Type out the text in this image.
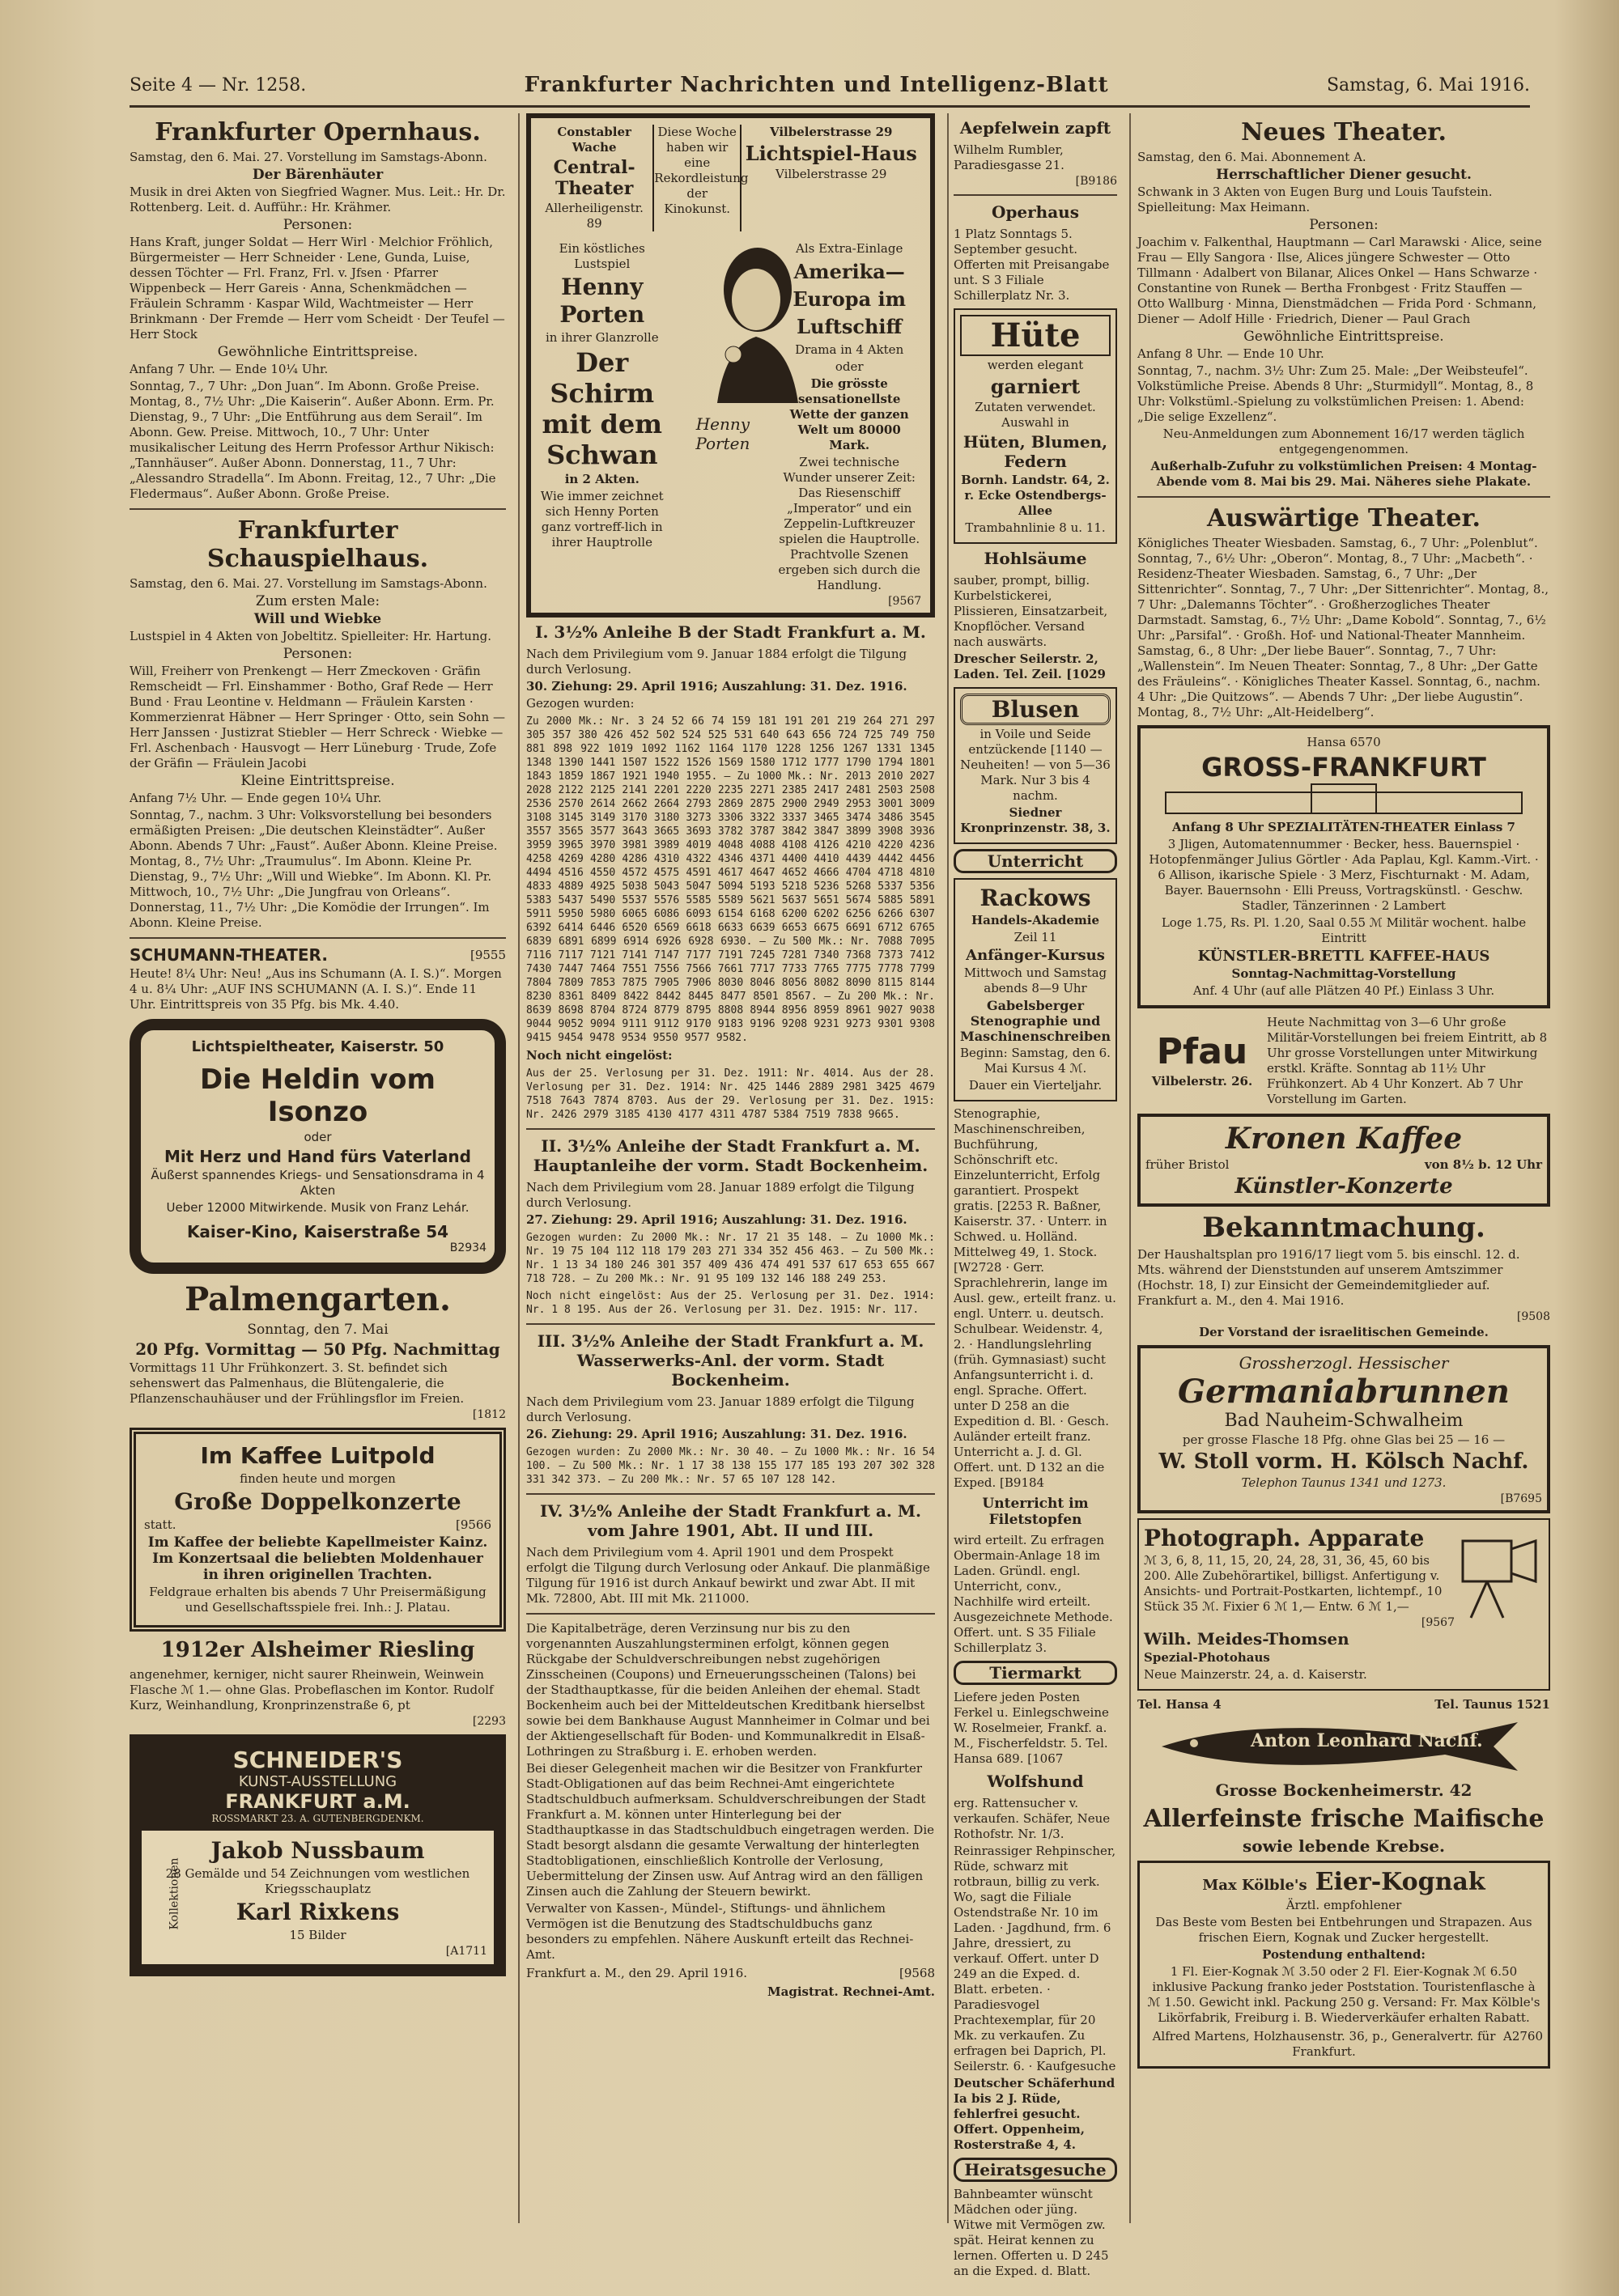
Seite 4 — Nr. 1258.	Frankfurter Nachrichten und Intelligenz-Blatt	Samstag, 6. Mai 1916.
Frankfurter Opernhaus.
Samstag, den 6. Mai. 27. Vorstellung im Samstags-Abonn.
Der Bärenhäuter
Musik in drei Akten von Siegfried Wagner. Mus. Leit.: Hr. Dr. Rottenberg. Leit. d. Aufführ.: Hr. Krähmer.
Personen:
Hans Kraft, junger Soldat — Herr Wirl · Melchior Fröhlich, Bürgermeister — Herr Schneider · Lene, Gunda, Luise, dessen Töchter — Frl. Franz, Frl. v. Jfsen · Pfarrer Wippenbeck — Herr Gareis · Anna, Schenkmädchen — Fräulein Schramm · Kaspar Wild, Wachtmeister — Herr Brinkmann · Der Fremde — Herr vom Scheidt · Der Teufel — Herr Stock
Gewöhnliche Eintrittspreise.
Anfang 7 Uhr. — Ende 10¼ Uhr.
Sonntag, 7., 7 Uhr: „Don Juan“. Im Abonn. Große Preise. Montag, 8., 7½ Uhr: „Die Kaiserin“. Außer Abonn. Erm. Pr. Dienstag, 9., 7 Uhr: „Die Entführung aus dem Serail“. Im Abonn. Gew. Preise. Mittwoch, 10., 7 Uhr: Unter musikalischer Leitung des Herrn Professor Arthur Nikisch: „Tannhäuser“. Außer Abonn. Donnerstag, 11., 7 Uhr: „Alessandro Stradella“. Im Abonn. Freitag, 12., 7 Uhr: „Die Fledermaus“. Außer Abonn. Große Preise.
Frankfurter Schauspielhaus.
Samstag, den 6. Mai. 27. Vorstellung im Samstags-Abonn.
Zum ersten Male:
Will und Wiebke
Lustspiel in 4 Akten von Jobeltitz. Spielleiter: Hr. Hartung.
Personen:
Will, Freiherr von Prenkengt — Herr Zmeckoven · Gräfin Remscheidt — Frl. Einshammer · Botho, Graf Rede — Herr Bund · Frau Leontine v. Heldmann — Fräulein Karsten · Kommerzienrat Häbner — Herr Springer · Otto, sein Sohn — Herr Janssen · Justizrat Stiebler — Herr Schreck · Wiebke — Frl. Aschenbach · Hausvogt — Herr Lüneburg · Trude, Zofe der Gräfin — Fräulein Jacobi
Kleine Eintrittspreise.
Anfang 7½ Uhr. — Ende gegen 10¼ Uhr.
Sonntag, 7., nachm. 3 Uhr: Volksvorstellung bei besonders ermäßigten Preisen: „Die deutschen Kleinstädter“. Außer Abonn. Abends 7 Uhr: „Faust“. Außer Abonn. Kleine Preise. Montag, 8., 7½ Uhr: „Traumulus“. Im Abonn. Kleine Pr. Dienstag, 9., 7½ Uhr: „Will und Wiebke“. Im Abonn. Kl. Pr. Mittwoch, 10., 7½ Uhr: „Die Jungfrau von Orleans“. Donnerstag, 11., 7½ Uhr: „Die Komödie der Irrungen“. Im Abonn. Kleine Preise.
SCHUMANN-THEATER.	[9555
Heute! 8¼ Uhr: Neu! „Aus ins Schumann (A. I. S.)“. Morgen 4 u. 8¼ Uhr: „AUF INS SCHUMANN (A. I. S.)“. Ende 11 Uhr. Eintrittspreis von 35 Pfg. bis Mk. 4.40.
Lichtspieltheater, Kaiserstr. 50
Die Heldin vom Isonzo
oder
Mit Herz und Hand fürs Vaterland
Äußerst spannendes Kriegs- und Sensationsdrama in 4 Akten
Ueber 12000 Mitwirkende. Musik von Franz Lehár.
Kaiser-Kino, Kaiserstraße 54
B2934
Palmengarten.
Sonntag, den 7. Mai
20 Pfg. Vormittag — 50 Pfg. Nachmittag
Vormittags 11 Uhr Frühkonzert. 3. St. befindet sich sehenswert das Palmenhaus, die Blütengalerie, die Pflanzenschauhäuser und der Frühlingsflor im Freien.
[1812
Im Kaffee Luitpold
finden heute und morgen
Große Doppelkonzerte
statt.	[9566
Im Kaffee der beliebte Kapellmeister Kainz. Im Konzertsaal die beliebten Moldenhauer in ihren originellen Trachten.
Feldgraue erhalten bis abends 7 Uhr Preisermäßigung und Gesellschaftsspiele frei. Inh.: J. Platau.
1912er Alsheimer Riesling
angenehmer, kerniger, nicht saurer Rheinwein, Weinwein Flasche ℳ 1.— ohne Glas. Probeflaschen im Kontor. Rudolf Kurz, Weinhandlung, Kronprinzenstraße 6, pt
[2293
SCHNEIDER'S
KUNST-AUSSTELLUNG
FRANKFURT a.M.
ROSSMARKT 23. A. GUTENBERGDENKM.
Kollektionen
Jakob Nussbaum
28 Gemälde und 54 Zeichnungen vom westlichen Kriegsschauplatz
Karl Rixkens
15 Bilder
[A1711
Constabler Wache
Central-Theater
Allerheiligenstr. 89
Diese Woche haben wir eine Rekordleistung der Kinokunst.
Vilbelerstrasse 29
Lichtspiel-Haus
Vilbelerstrasse 29
Ein köstliches Lustspiel
Henny Porten
in ihrer Glanzrolle
Der Schirm mit dem Schwan
in 2 Akten.
Wie immer zeichnet sich Henny Porten ganz vortreff-lich in ihrer Hauptrolle
Henny Porten
Als Extra-Einlage
Amerika—Europa im Luftschiff
Drama in 4 Akten
oder
Die grösste sensationellste Wette der ganzen Welt um 80000 Mark.
Zwei technische Wunder unserer Zeit: Das Riesenschiff „Imperator“ und ein Zeppelin-Luftkreuzer spielen die Hauptrolle. Prachtvolle Szenen ergeben sich durch die Handlung.
[9567
I. 3½% Anleihe B der Stadt Frankfurt a. M.
Nach dem Privilegium vom 9. Januar 1884 erfolgt die Tilgung durch Verlosung.
30. Ziehung: 29. April 1916; Auszahlung: 31. Dez. 1916.
Gezogen wurden:
Zu 2000 Mk.: Nr. 3 24 52 66 74 159 181 191 201 219 264 271 297 305 357 380 426 452 502 524 525 531 640 643 656 724 725 749 750 881 898 922 1019 1092 1162 1164 1170 1228 1256 1267 1331 1345 1348 1390 1441 1507 1522 1526 1569 1580 1712 1777 1790 1794 1801 1843 1859 1867 1921 1940 1955. — Zu 1000 Mk.: Nr. 2013 2010 2027 2028 2122 2125 2141 2201 2220 2235 2271 2385 2417 2481 2503 2508 2536 2570 2614 2662 2664 2793 2869 2875 2900 2949 2953 3001 3009 3108 3145 3149 3170 3180 3273 3306 3322 3337 3465 3474 3486 3545 3557 3565 3577 3643 3665 3693 3782 3787 3842 3847 3899 3908 3936 3959 3965 3970 3981 3989 4019 4048 4088 4108 4126 4210 4220 4236 4258 4269 4280 4286 4310 4322 4346 4371 4400 4410 4439 4442 4456 4494 4516 4550 4572 4575 4591 4617 4647 4652 4666 4704 4718 4810 4833 4889 4925 5038 5043 5047 5094 5193 5218 5236 5268 5337 5356 5383 5437 5490 5537 5576 5585 5589 5621 5637 5651 5674 5885 5891 5911 5950 5980 6065 6086 6093 6154 6168 6200 6202 6256 6266 6307 6392 6414 6446 6520 6569 6618 6633 6639 6653 6675 6691 6712 6765 6839 6891 6899 6914 6926 6928 6930. — Zu 500 Mk.: Nr. 7088 7095 7116 7117 7121 7141 7147 7177 7191 7245 7281 7340 7368 7373 7412 7430 7447 7464 7551 7556 7566 7661 7717 7733 7765 7775 7778 7799 7804 7809 7853 7875 7905 7906 8030 8046 8056 8082 8090 8115 8144 8230 8361 8409 8422 8442 8445 8477 8501 8567. — Zu 200 Mk.: Nr. 8639 8698 8704 8724 8779 8795 8808 8944 8956 8959 8961 9027 9038 9044 9052 9094 9111 9112 9170 9183 9196 9208 9231 9273 9301 9308 9415 9454 9478 9534 9550 9577 9582.
Noch nicht eingelöst:
Aus der 25. Verlosung per 31. Dez. 1911: Nr. 4014. Aus der 28. Verlosung per 31. Dez. 1914: Nr. 425 1446 2889 2981 3425 4679 7518 7643 7874 8703. Aus der 29. Verlosung per 31. Dez. 1915: Nr. 2426 2979 3185 4130 4177 4311 4787 5384 7519 7838 9665.
II. 3½% Anleihe der Stadt Frankfurt a. M. Hauptanleihe der vorm. Stadt Bockenheim.
Nach dem Privilegium vom 28. Januar 1889 erfolgt die Tilgung durch Verlosung.
27. Ziehung: 29. April 1916; Auszahlung: 31. Dez. 1916.
Gezogen wurden: Zu 2000 Mk.: Nr. 17 21 35 148. — Zu 1000 Mk.: Nr. 19 75 104 112 118 179 203 271 334 352 456 463. — Zu 500 Mk.: Nr. 1 13 34 180 246 301 357 409 436 474 491 537 617 653 655 667 718 728. — Zu 200 Mk.: Nr. 91 95 109 132 146 188 249 253.
Noch nicht eingelöst: Aus der 25. Verlosung per 31. Dez. 1914: Nr. 1 8 195. Aus der 26. Verlosung per 31. Dez. 1915: Nr. 117.
III. 3½% Anleihe der Stadt Frankfurt a. M. Wasserwerks-Anl. der vorm. Stadt Bockenheim.
Nach dem Privilegium vom 23. Januar 1889 erfolgt die Tilgung durch Verlosung.
26. Ziehung: 29. April 1916; Auszahlung: 31. Dez. 1916.
Gezogen wurden: Zu 2000 Mk.: Nr. 30 40. — Zu 1000 Mk.: Nr. 16 54 100. — Zu 500 Mk.: Nr. 1 17 38 138 155 177 185 193 207 302 328 331 342 373. — Zu 200 Mk.: Nr. 57 65 107 128 142.
IV. 3½% Anleihe der Stadt Frankfurt a. M. vom Jahre 1901, Abt. II und III.
Nach dem Privilegium vom 4. April 1901 und dem Prospekt erfolgt die Tilgung durch Verlosung oder Ankauf. Die planmäßige Tilgung für 1916 ist durch Ankauf bewirkt und zwar Abt. II mit Mk. 72800, Abt. III mit Mk. 211000.
Die Kapitalbeträge, deren Verzinsung nur bis zu den vorgenannten Auszahlungsterminen erfolgt, können gegen Rückgabe der Schuldverschreibungen nebst zugehörigen Zinsscheinen (Coupons) und Erneuerungsscheinen (Talons) bei der Stadthauptkasse, für die beiden Anleihen der ehemal. Stadt Bockenheim auch bei der Mitteldeutschen Kreditbank hierselbst sowie bei dem Bankhause August Mannheimer in Colmar und bei der Aktiengesellschaft für Boden- und Kommunalkredit in Elsaß-Lothringen zu Straßburg i. E. erhoben werden.
Bei dieser Gelegenheit machen wir die Besitzer von Frankfurter Stadt-Obligationen auf das beim Rechnei-Amt eingerichtete Stadtschuldbuch aufmerksam. Schuldverschreibungen der Stadt Frankfurt a. M. können unter Hinterlegung bei der Stadthauptkasse in das Stadtschuldbuch eingetragen werden. Die Stadt besorgt alsdann die gesamte Verwaltung der hinterlegten Stadtobligationen, einschließlich Kontrolle der Verlosung, Uebermittelung der Zinsen usw. Auf Antrag wird an den fälligen Zinsen auch die Zahlung der Steuern bewirkt.
Verwalter von Kassen-, Mündel-, Stiftungs- und ähnlichem Vermögen ist die Benutzung des Stadtschuldbuchs ganz besonders zu empfehlen. Nähere Auskunft erteilt das Rechnei-Amt.
Frankfurt a. M., den 29. April 1916.	[9568
Magistrat. Rechnei-Amt.
Aepfelwein zapft
Wilhelm Rumbler, Paradiesgasse 21.
[B9186
Operhaus
1 Platz Sonntags 5. September gesucht. Offerten mit Preisangabe unt. S 3 Filiale Schillerplatz Nr. 3.
Hüte
werden elegant
garniert
Zutaten verwendet. Auswahl in
Hüten, Blumen, Federn
Bornh. Landstr. 64, 2. r. Ecke Ostendbergs-Allee
Trambahnlinie 8 u. 11.
Hohlsäume
sauber, prompt, billig. Kurbelstickerei, Plissieren, Einsatzarbeit, Knopflöcher. Versand nach auswärts.
Drescher Seilerstr. 2, Laden. Tel. Zeil. [1029
Blusen
in Voile und Seide entzückende [1140 — Neuheiten! — von 5—36 Mark. Nur 3 bis 4 nachm.
Siedner Kronprinzenstr. 38, 3.
Unterricht
Rackows
Handels-Akademie
Zeil 11
Anfänger-Kursus
Mittwoch und Samstag abends 8—9 Uhr
Gabelsberger Stenographie und Maschinenschreiben
Beginn: Samstag, den 6. Mai Kursus 4 ℳ.
Dauer ein Vierteljahr.
Stenographie, Maschinenschreiben, Buchführung, Schönschrift etc. Einzelunterricht, Erfolg garantiert. Prospekt gratis. [2253 R. Baßner, Kaiserstr. 37. · Unterr. in Schwed. u. Holländ. Mittelweg 49, 1. Stock. [W2728 · Gerr. Sprachlehrerin, lange im Ausl. gew., erteilt franz. u. engl. Unterr. u. deutsch. Schulbear. Weidenstr. 4, 2. · Handlungslehrling (früh. Gymnasiast) sucht Anfangsunterricht i. d. engl. Sprache. Offert. unter D 258 an die Expedition d. Bl. · Gesch. Auländer erteilt franz. Unterricht a. J. d. Gl. Offert. unt. D 132 an die Exped. [B9184
Unterricht im Filetstopfen
wird erteilt. Zu erfragen Obermain-Anlage 18 im Laden. Gründl. engl. Unterricht, conv., Nachhilfe wird erteilt. Ausgezeichnete Methode. Offert. unt. S 35 Filiale Schillerplatz 3.
Tiermarkt
Liefere jeden Posten Ferkel u. Einlegschweine W. Roselmeier, Frankf. a. M., Fischerfeldstr. 5. Tel. Hansa 689. [1067
Wolfshund
erg. Rattensucher v. verkaufen. Schäfer, Neue Rothofstr. Nr. 1/3.
Reinrassiger Rehpinscher, Rüde, schwarz mit rotbraun, billig zu verk. Wo, sagt die Filiale Ostendstraße Nr. 10 im Laden. · Jagdhund, frm. 6 Jahre, dressiert, zu verkauf. Offert. unter D 249 an die Exped. d. Blatt. erbeten. · Paradiesvogel Prachtexemplar, für 20 Mk. zu verkaufen. Zu erfragen bei Daprich, Pl. Seilerstr. 6. · Kaufgesuche
Deutscher Schäferhund Ia bis 2 J. Rüde, fehlerfrei gesucht. Offert. Oppenheim, Rosterstraße 4, 4.
Heiratsgesuche
Bahnbeamter wünscht Mädchen oder jüng. Witwe mit Vermögen zw. spät. Heirat kennen zu lernen. Offerten u. D 245 an die Exped. d. Blatt.
Neues Theater.
Samstag, den 6. Mai. Abonnement A.
Herrschaftlicher Diener gesucht.
Schwank in 3 Akten von Eugen Burg und Louis Taufstein. Spielleitung: Max Heimann.
Personen:
Joachim v. Falkenthal, Hauptmann — Carl Marawski · Alice, seine Frau — Elly Sangora · Ilse, Alices jüngere Schwester — Otto Tillmann · Adalbert von Bilanar, Alices Onkel — Hans Schwarze · Constantine von Runek — Bertha Fronbgest · Fritz Stauffen — Otto Wallburg · Minna, Dienstmädchen — Frida Pord · Schmann, Diener — Adolf Hille · Friedrich, Diener — Paul Grach
Gewöhnliche Eintrittspreise.
Anfang 8 Uhr. — Ende 10 Uhr.
Sonntag, 7., nachm. 3½ Uhr: Zum 25. Male: „Der Weibsteufel“. Volkstümliche Preise. Abends 8 Uhr: „Sturmidyll“. Montag, 8., 8 Uhr: Volkstüml.-Spielung zu volkstümlichen Preisen: 1. Abend: „Die selige Exzellenz“.
Neu-Anmeldungen zum Abonnement 16/17 werden täglich entgegengenommen.
Außerhalb-Zufuhr zu volkstümlichen Preisen: 4 Montag-Abende vom 8. Mai bis 29. Mai. Näheres siehe Plakate.
Auswärtige Theater.
Königliches Theater Wiesbaden. Samstag, 6., 7 Uhr: „Polenblut“. Sonntag, 7., 6½ Uhr: „Oberon“. Montag, 8., 7 Uhr: „Macbeth“. · Residenz-Theater Wiesbaden. Samstag, 6., 7 Uhr: „Der Sittenrichter“. Sonntag, 7., 7 Uhr: „Der Sittenrichter“. Montag, 8., 7 Uhr: „Dalemanns Töchter“. · Großherzogliches Theater Darmstadt. Samstag, 6., 7½ Uhr: „Dame Kobold“. Sonntag, 7., 6½ Uhr: „Parsifal“. · Großh. Hof- und National-Theater Mannheim. Samstag, 6., 8 Uhr: „Der liebe Bauer“. Sonntag, 7., 7 Uhr: „Wallenstein“. Im Neuen Theater: Sonntag, 7., 8 Uhr: „Der Gatte des Fräuleins“. · Königliches Theater Kassel. Sonntag, 6., nachm. 4 Uhr: „Die Quitzows“. — Abends 7 Uhr: „Der liebe Augustin“. Montag, 8., 7½ Uhr: „Alt-Heidelberg“.
Hansa 6570
GROSS-FRANKFURT
Anfang 8 Uhr SPEZIALITÄTEN-THEATER Einlass 7
3 Jligen, Automatennummer · Becker, hess. Bauernspiel · Hotopfenmänger Julius Görtler · Ada Paplau, Kgl. Kamm.-Virt. · 6 Allison, ikarische Spiele · 3 Merz, Fischturnakt · M. Adam, Bayer. Bauernsohn · Elli Preuss, Vortragskünstl. · Geschw. Stadler, Tänzerinnen · 2 Lambert
Loge 1.75, Rs. Pl. 1.20, Saal 0.55 ℳ Militär wochent. halbe Eintritt
KÜNSTLER-BRETTL KAFFEE-HAUS
Sonntag-Nachmittag-Vorstellung
Anf. 4 Uhr (auf alle Plätzen 40 Pf.) Einlass 3 Uhr.
Pfau
Vilbelerstr. 26.
Heute Nachmittag von 3—6 Uhr große Militär-Vorstellungen bei freiem Eintritt, ab 8 Uhr grosse Vorstellungen unter Mitwirkung erstkl. Kräfte. Sonntag ab 11½ Uhr Frühkonzert. Ab 4 Uhr Konzert. Ab 7 Uhr Vorstellung im Garten.
Kronen Kaffee
früher Bristol	von 8½ b. 12 Uhr
Künstler-Konzerte
Bekanntmachung.
Der Haushaltsplan pro 1916/17 liegt vom 5. bis einschl. 12. d. Mts. während der Dienststunden auf unserem Amtszimmer (Hochstr. 18, I) zur Einsicht der Gemeindemitglieder auf. Frankfurt a. M., den 4. Mai 1916.
[9508
Der Vorstand der israelitischen Gemeinde.
Grossherzogl. Hessischer
Germaniabrunnen
Bad Nauheim-Schwalheim
per grosse Flasche 18 Pfg. ohne Glas bei 25 — 16 —
W. Stoll vorm. H. Kölsch Nachf.
Telephon Taunus 1341 und 1273.
[B7695
Photograph. Apparate
ℳ 3, 6, 8, 11, 15, 20, 24, 28, 31, 36, 45, 60 bis 200. Alle Zubehörartikel, billigst. Anfertigung v. Ansichts- und Portrait-Postkarten, lichtempf., 10 Stück 35 ℳ. Fixier 6 ℳ 1,— Entw. 6 ℳ 1,—
[9567
Wilh. Meides-Thomsen
Spezial-Photohaus
Neue Mainzerstr. 24, a. d. Kaiserstr.
Tel. Hansa 4	Tel. Taunus 1521
Anton Leonhard Nachf.
Grosse Bockenheimerstr. 42
Allerfeinste frische Maifische
sowie lebende Krebse.
Max Kölble's Eier-Kognak
Ärztl. empfohlener
Das Beste vom Besten bei Entbehrungen und Strapazen. Aus frischen Eiern, Kognak und Zucker hergestellt.
Postendung enthaltend:
1 Fl. Eier-Kognak ℳ 3.50 oder 2 Fl. Eier-Kognak ℳ 6.50 inklusive Packung franko jeder Poststation. Touristenflasche à ℳ 1.50. Gewicht inkl. Packung 250 g. Versand: Fr. Max Kölble's Likörfabrik, Freiburg i. B. Wiederverkäufer erhalten Rabatt.
Alfred Martens, Holzhausenstr. 36, p., Generalvertr. für Frankfurt.
A2760
